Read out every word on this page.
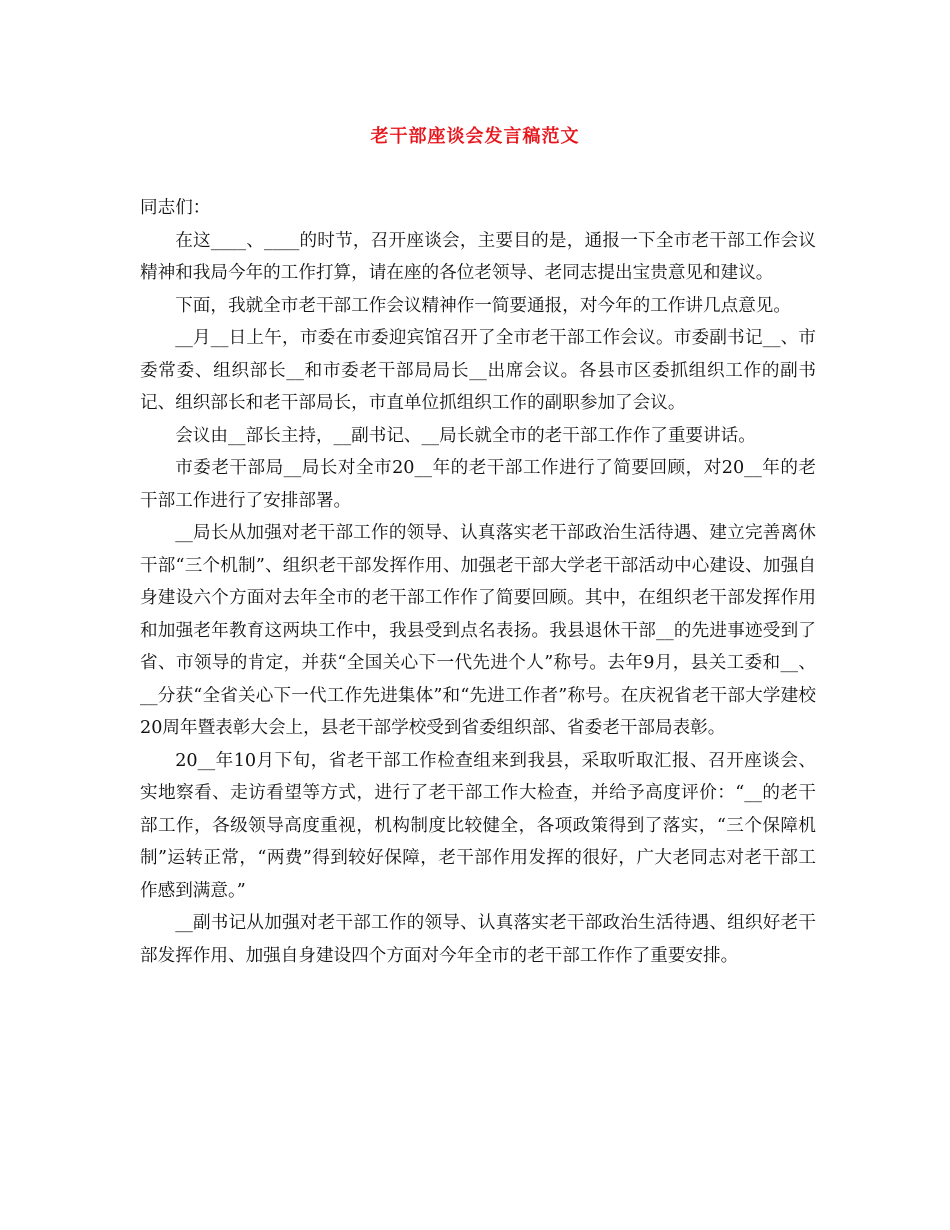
老干部座谈会发言稿范文

同志们：

在这____、____的时节，召开座谈会，主要目的是，通报一下全市老干部工作会议精神和我局今年的工作打算，请在座的各位老领导、老同志提出宝贵意见和建议。

下面，我就全市老干部工作会议精神作一简要通报，对今年的工作讲几点意见。

__月__日上午，市委在市委迎宾馆召开了全市老干部工作会议。市委副书记__、市委常委、组织部长__和市委老干部局局长__出席会议。各县市区委抓组织工作的副书记、组织部长和老干部局长，市直单位抓组织工作的副职参加了会议。

会议由__部长主持，__副书记、__局长就全市的老干部工作作了重要讲话。

市委老干部局__局长对全市20__年的老干部工作进行了简要回顾，对20__年的老干部工作进行了安排部署。

__局长从加强对老干部工作的领导、认真落实老干部政治生活待遇、建立完善离休干部“三个机制”、组织老干部发挥作用、加强老干部大学老干部活动中心建设、加强自身建设六个方面对去年全市的老干部工作作了简要回顾。其中，在组织老干部发挥作用和加强老年教育这两块工作中，我县受到点名表扬。我县退休干部__的先进事迹受到了省、市领导的肯定，并获“全国关心下一代先进个人”称号。去年9月，县关工委和__、__分获“全省关心下一代工作先进集体”和“先进工作者”称号。在庆祝省老干部大学建校20周年暨表彰大会上，县老干部学校受到省委组织部、省委老干部局表彰。

20__年10月下旬，省老干部工作检查组来到我县，采取听取汇报、召开座谈会、实地察看、走访看望等方式，进行了老干部工作大检查，并给予高度评价：“__的老干部工作，各级领导高度重视，机构制度比较健全，各项政策得到了落实，“三个保障机制”运转正常，“两费”得到较好保障，老干部作用发挥的很好，广大老同志对老干部工作感到满意。”

__副书记从加强对老干部工作的领导、认真落实老干部政治生活待遇、组织好老干部发挥作用、加强自身建设四个方面对今年全市的老干部工作作了重要安排。
